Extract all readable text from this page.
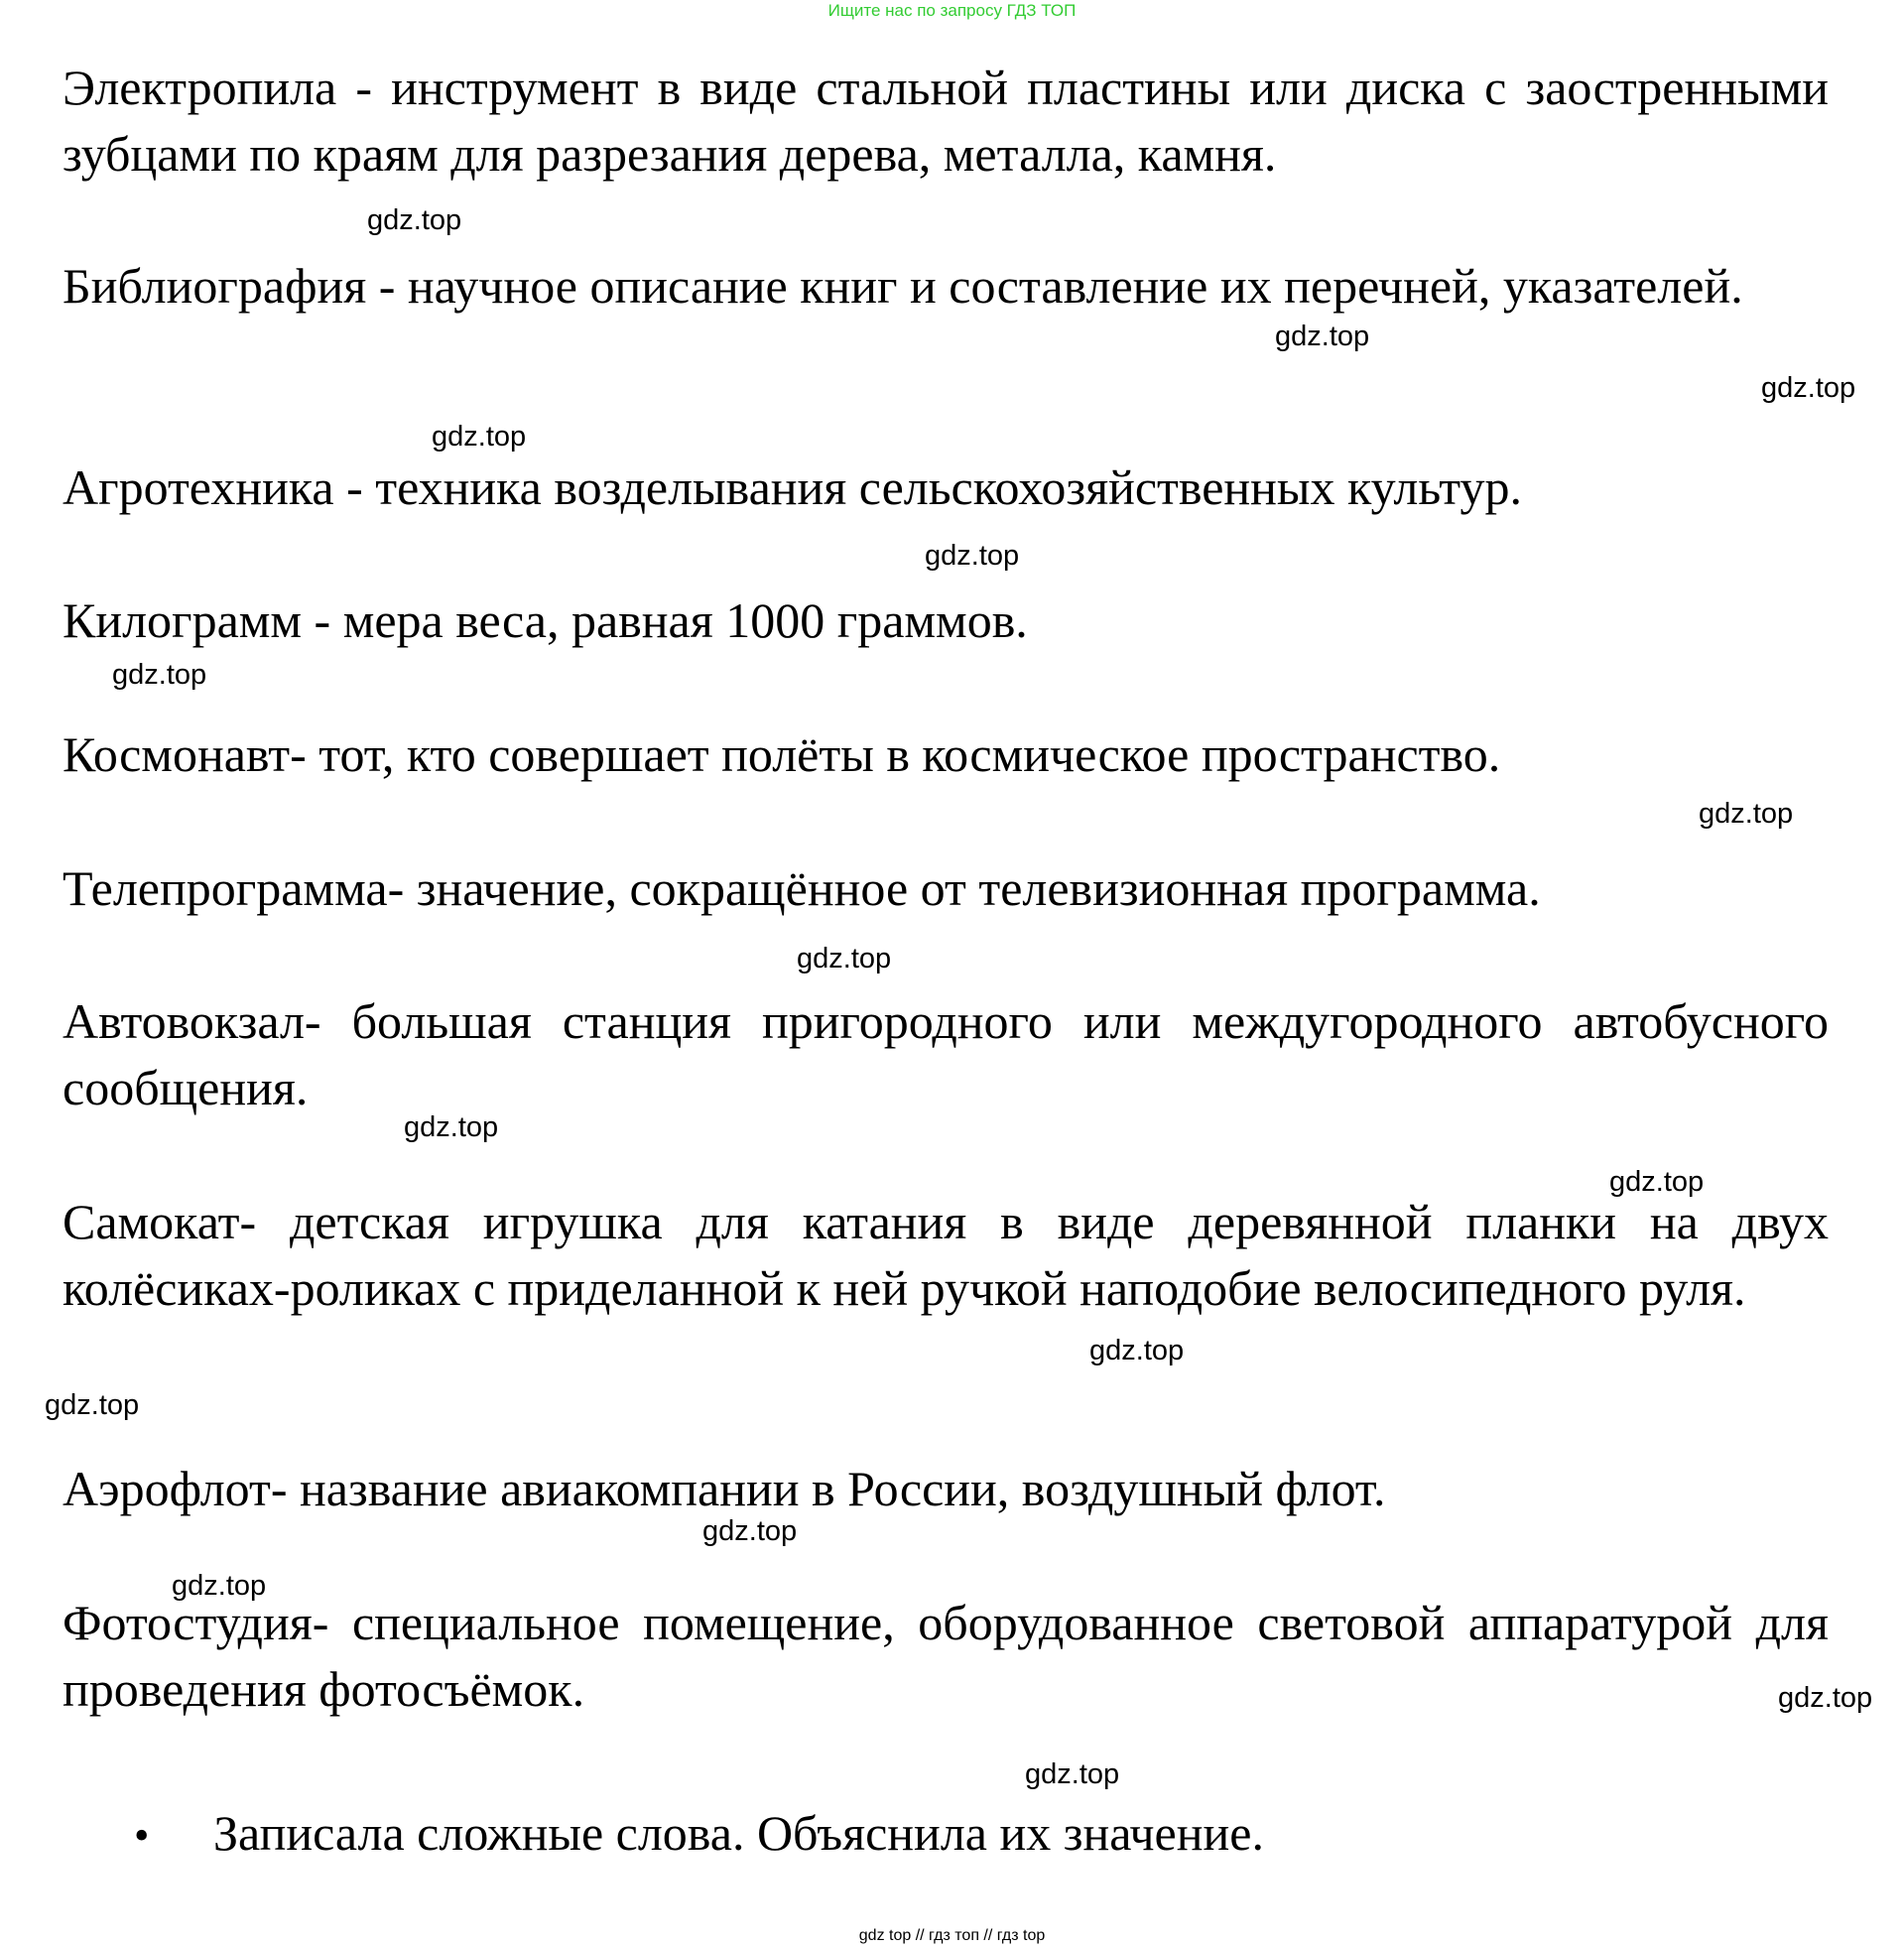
Ищите нас по запросу ГДЗ ТОП

Электропила - инструмент в виде стальной пластины или диска с заостренными зубцами по краям для разрезания дерева, металла, камня.

Библиография - научное описание книг и составление их перечней, указателей.

Агротехника - техника возделывания сельскохозяйственных культур.

Килограмм - мера веса, равная 1000 граммов.

Космонавт- тот, кто совершает полёты в космическое пространство.

Телепрограмма- значение, сокращённое от телевизионная программа.

Автовокзал- большая станция пригородного или междугородного автобусного сообщения.

Самокат- детская игрушка для катания в виде деревянной планки на двух колёсиках-роликах с приделанной к ней ручкой наподобие велосипедного руля.

Аэрофлот- название авиакомпании в России, воздушный флот.

Фотостудия- специальное помещение, оборудованное световой аппаратурой для проведения фотосъёмок.

• Записала сложные слова. Объяснила их значение.
gdz.top
gdz.top
gdz.top
gdz.top
gdz.top
gdz.top
gdz.top
gdz.top
gdz.top
gdz.top
gdz.top
gdz.top
gdz.top
gdz.top
gdz.top
gdz.top
gdz top // гдз топ // гдз top
